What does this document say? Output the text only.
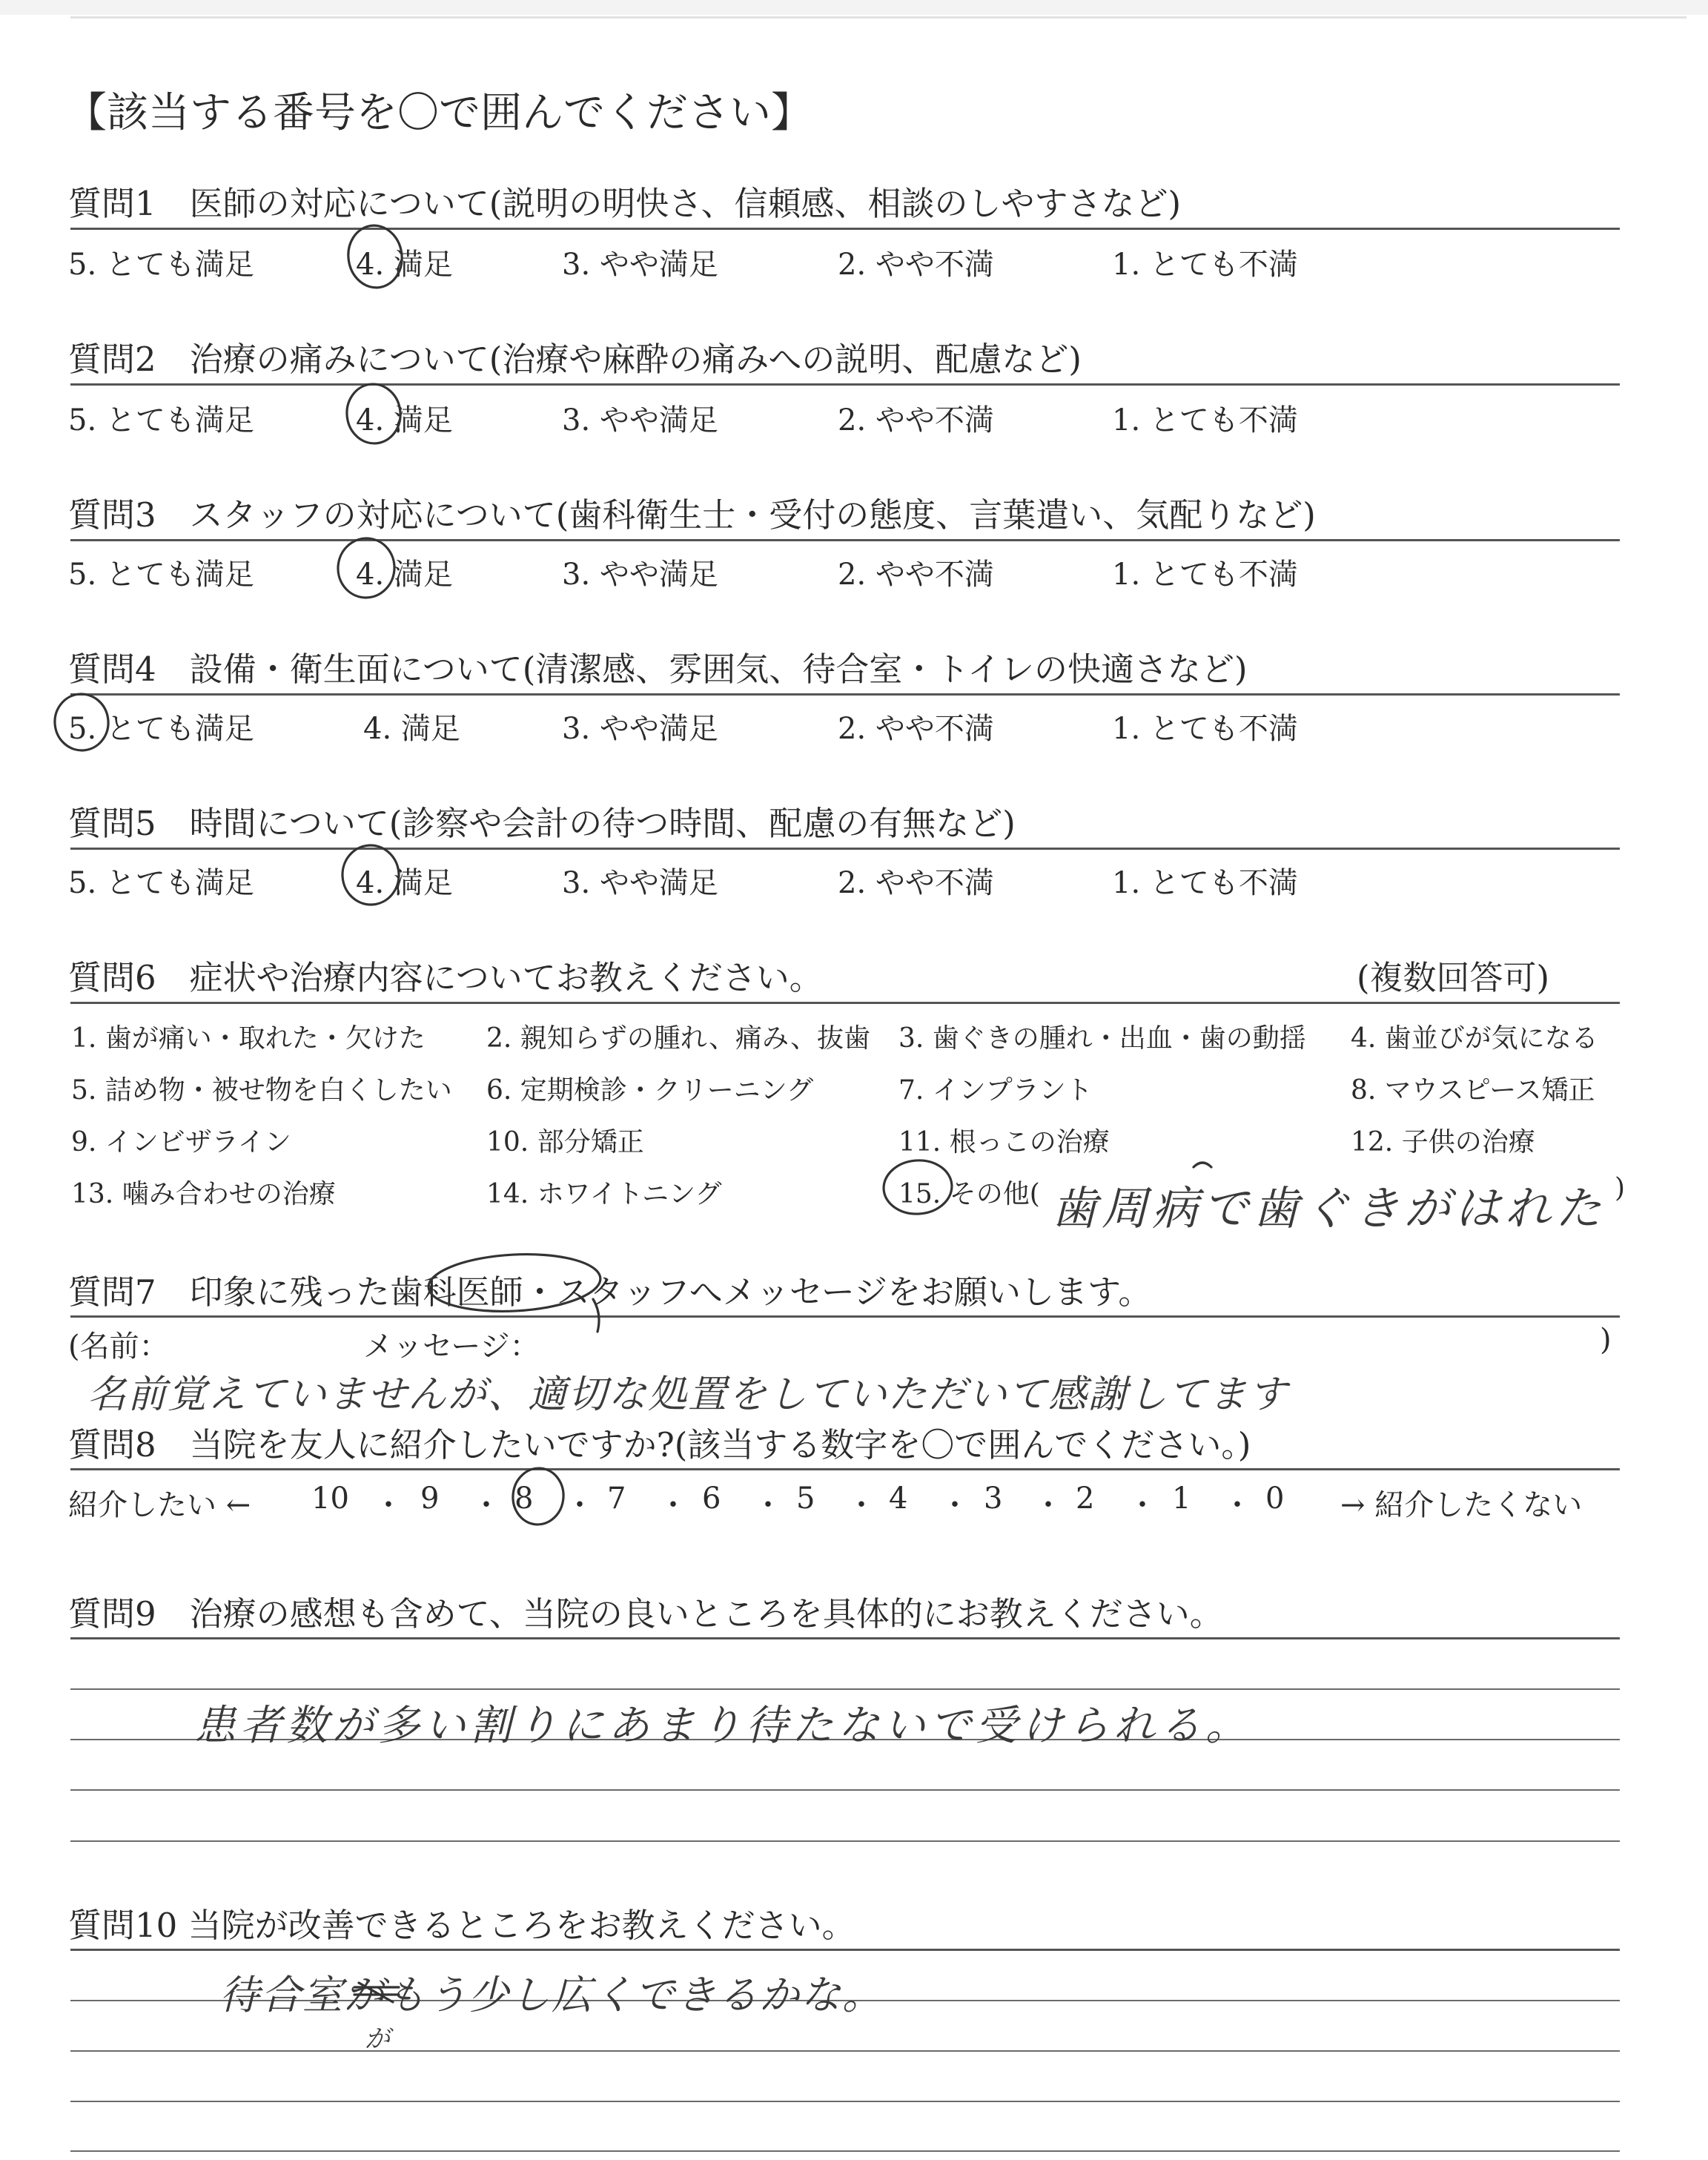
【該当する番号を〇で囲んでください】
質問1　医師の対応について(説明の明快さ、信頼感、相談のしやすさなど)
5. とても満足	4. 満足	3. やや満足	2. やや不満	1. とても不満
質問2　治療の痛みについて(治療や麻酔の痛みへの説明、配慮など)
5. とても満足	4. 満足	3. やや満足	2. やや不満	1. とても不満
質問3　スタッフの対応について(歯科衛生士・受付の態度、言葉遣い、気配りなど)
5. とても満足	4. 満足	3. やや満足	2. やや不満	1. とても不満
質問4　設備・衛生面について(清潔感、雰囲気、待合室・トイレの快適さなど)
5. とても満足	4. 満足	3. やや満足	2. やや不満	1. とても不満
質問5　時間について(診察や会計の待つ時間、配慮の有無など)
5. とても満足	4. 満足	3. やや満足	2. やや不満	1. とても不満
質問6　症状や治療内容についてお教えください。	(複数回答可)
1. 歯が痛い・取れた・欠けた 2. 親知らずの腫れ、痛み、抜歯 3. 歯ぐきの腫れ・出血・歯の動揺 4. 歯並びが気になる
5. 詰め物・被せ物を白くしたい 6. 定期検診・クリーニング	7. インプラント	8. マウスピース矯正
9. インビザライン	10. 部分矯正	11. 根っこの治療	12. 子供の治療
13. 噛み合わせの治療	14. ホワイトニング	15. その他( 歯周病で歯ぐきがはれた )
質問7　印象に残った歯科医師・スタッフへメッセージをお願いします。
(名前：	メッセージ：	)
名前覚えていませんが、適切な処置をしていただいて感謝してます
質問8　当院を友人に紹介したいですか?(該当する数字を〇で囲んでください。)
紹介したい ← 10 ・ 9 ・ 8 ・ 7 ・ 6 ・ 5 ・ 4 ・ 3 ・ 2 ・ 1 ・ 0 → 紹介したくない
質問9　治療の感想も含めて、当院の良いところを具体的にお教えください。
患者数が多い割りにあまり待たないで受けられる。
質問10 当院が改善できるところをお教えください。
待合室がもう少し広くできるかな。
が
